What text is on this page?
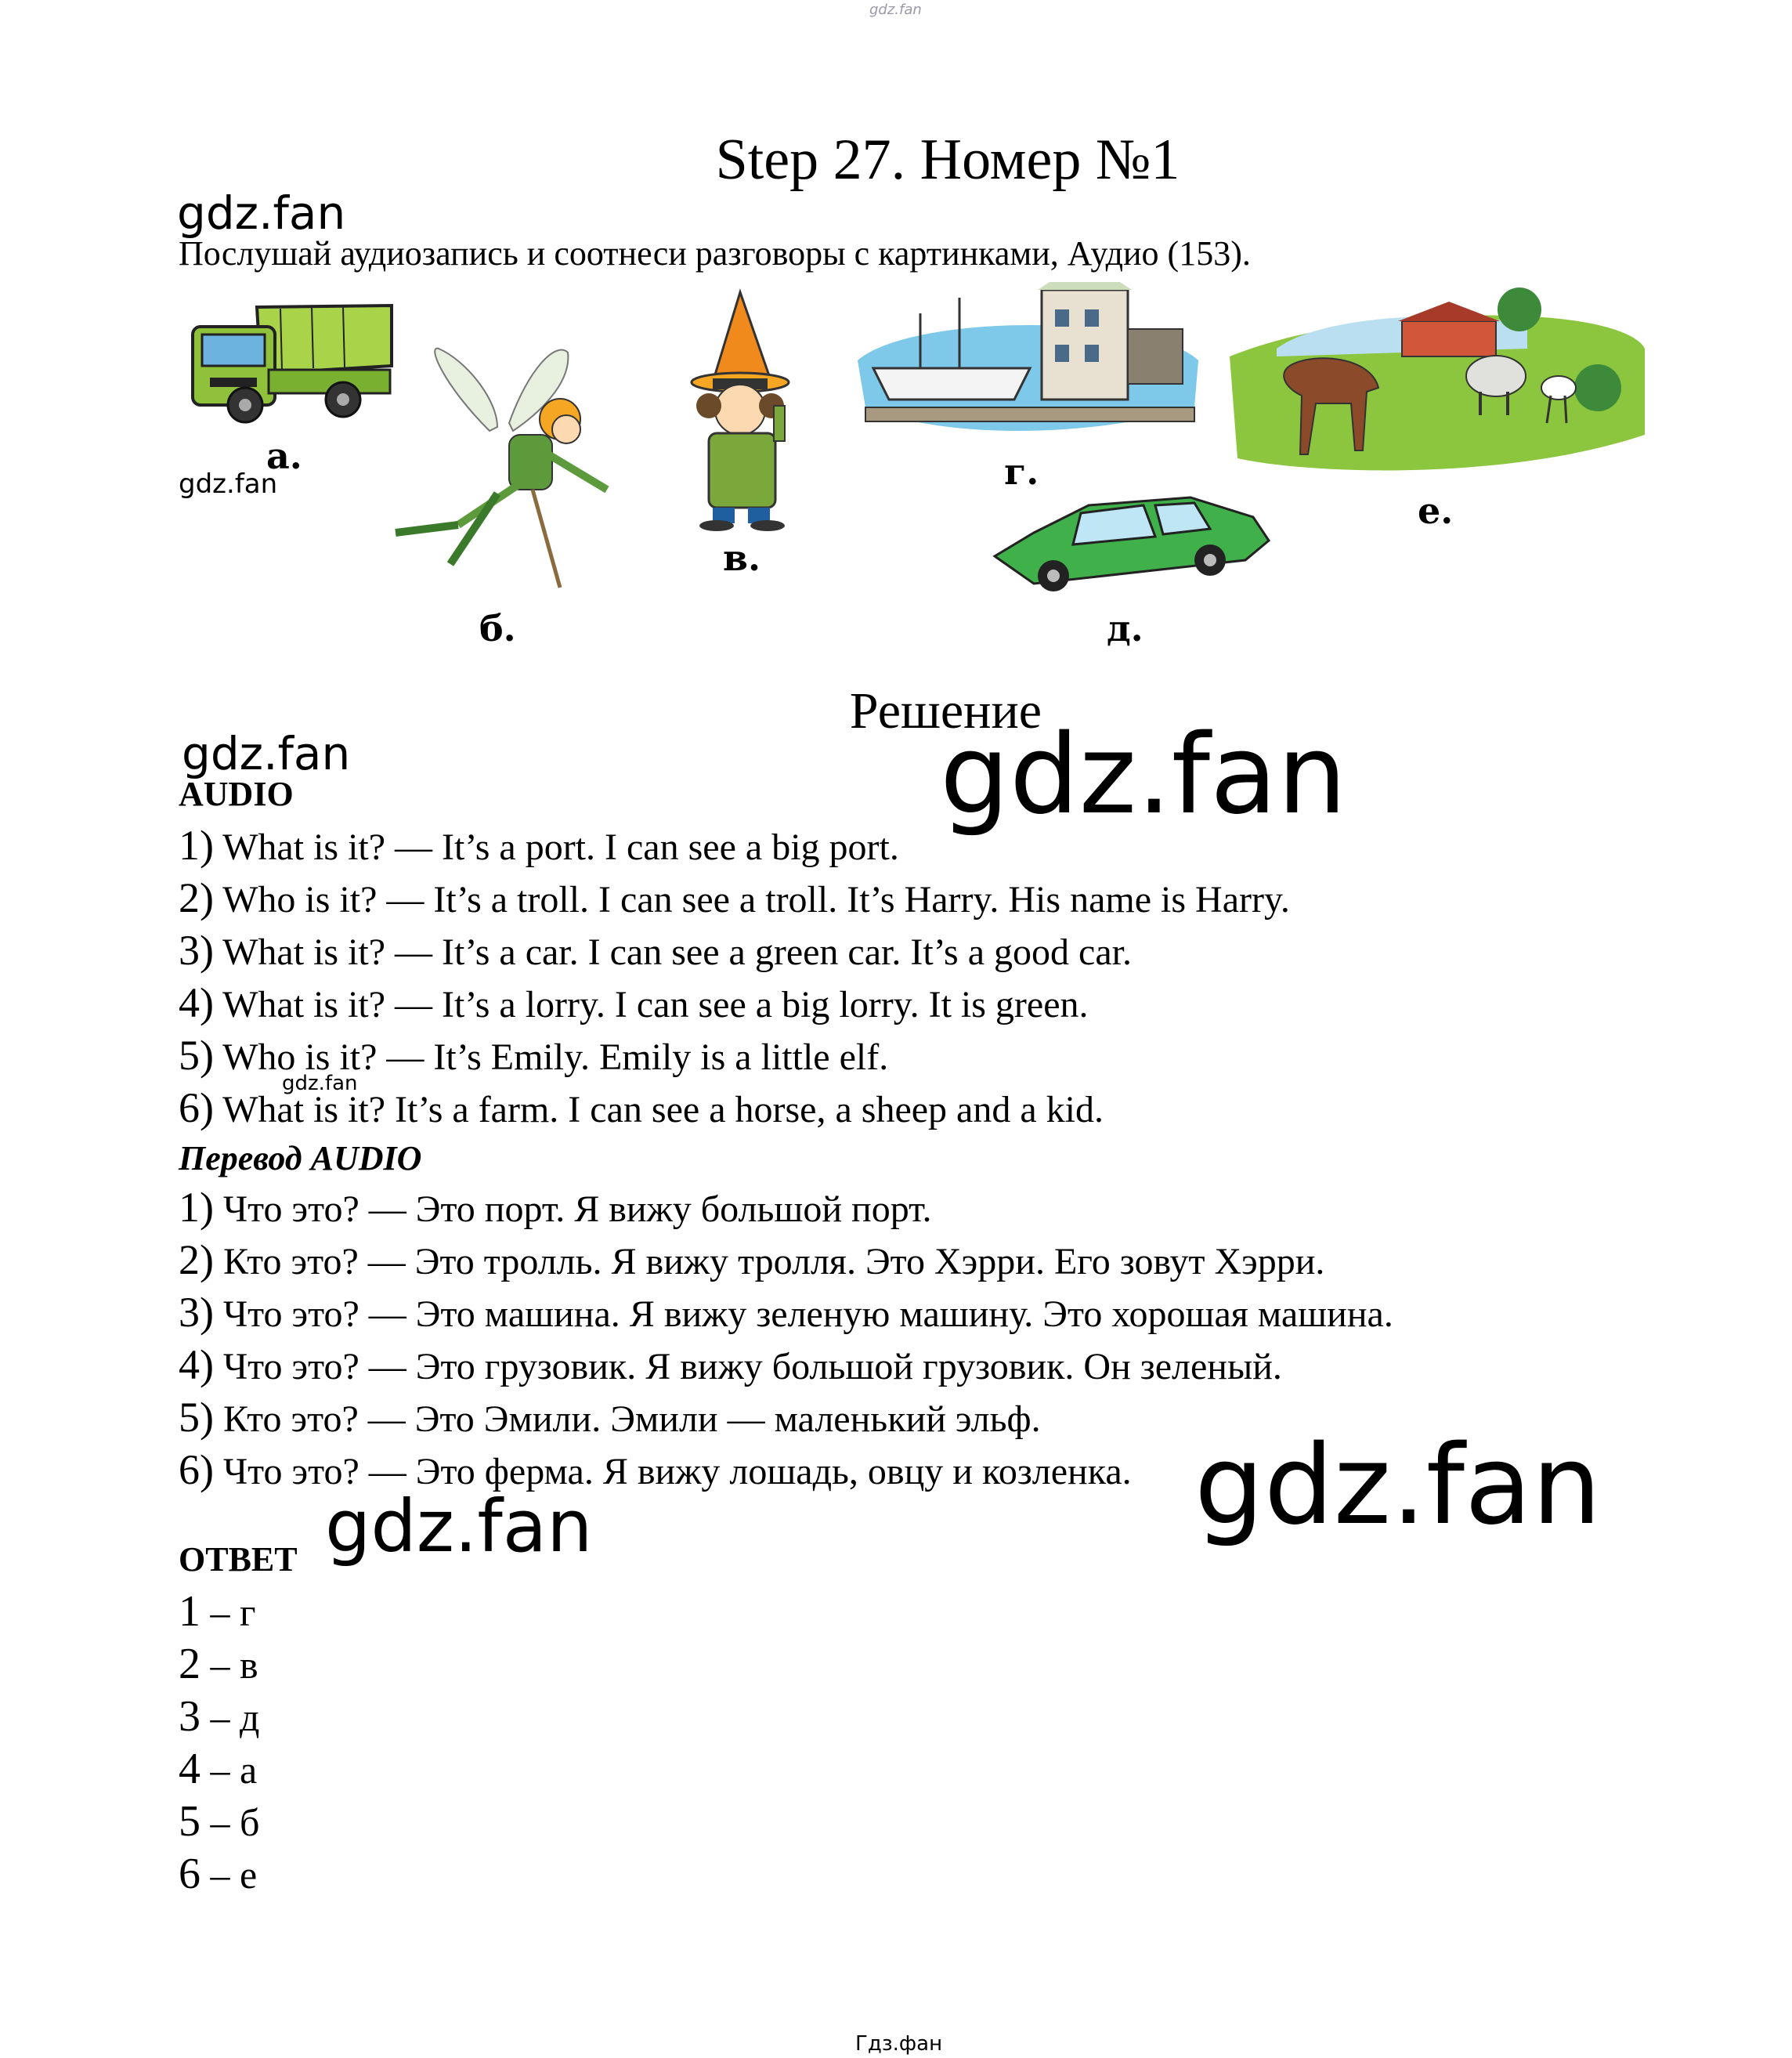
gdz.fan
Step 27. Номер №1
gdz.fan
Послушай аудиозапись и соотнеси разговоры с картинками, Аудио (153).
а.
gdz.fan
б.
в.
г.
д.
е.
Решение
gdz.fan	gdz.fan
AUDIO
1) What is it? — It’s a port. I can see a big port.
2) Who is it? — It’s a troll. I can see a troll. It’s Harry. His name is Harry.
3) What is it? — It’s a car. I can see a green car. It’s a good car.
4) What is it? — It’s a lorry. I can see a big lorry. It is green.
5) Who is it? — It’s Emily. Emily is a little elf.
gdz.fan
6) What is it? It’s a farm. I can see a horse, a sheep and a kid.
Перевод AUDIO
1) Что это? — Это порт. Я вижу большой порт.
2) Кто это? — Это тролль. Я вижу тролля. Это Хэрри. Его зовут Хэрри.
3) Что это? — Это машина. Я вижу зеленую машину. Это хорошая машина.
4) Что это? — Это грузовик. Я вижу большой грузовик. Он зеленый.
5) Кто это? — Это Эмили. Эмили — маленький эльф.
6) Что это? — Это ферма. Я вижу лошадь, овцу и козленка. gdz.fan
ОТВЕТ gdz.fan
1 – г
2 – в
3 – д
4 – а
5 – б
6 – е
Гдз.фан
